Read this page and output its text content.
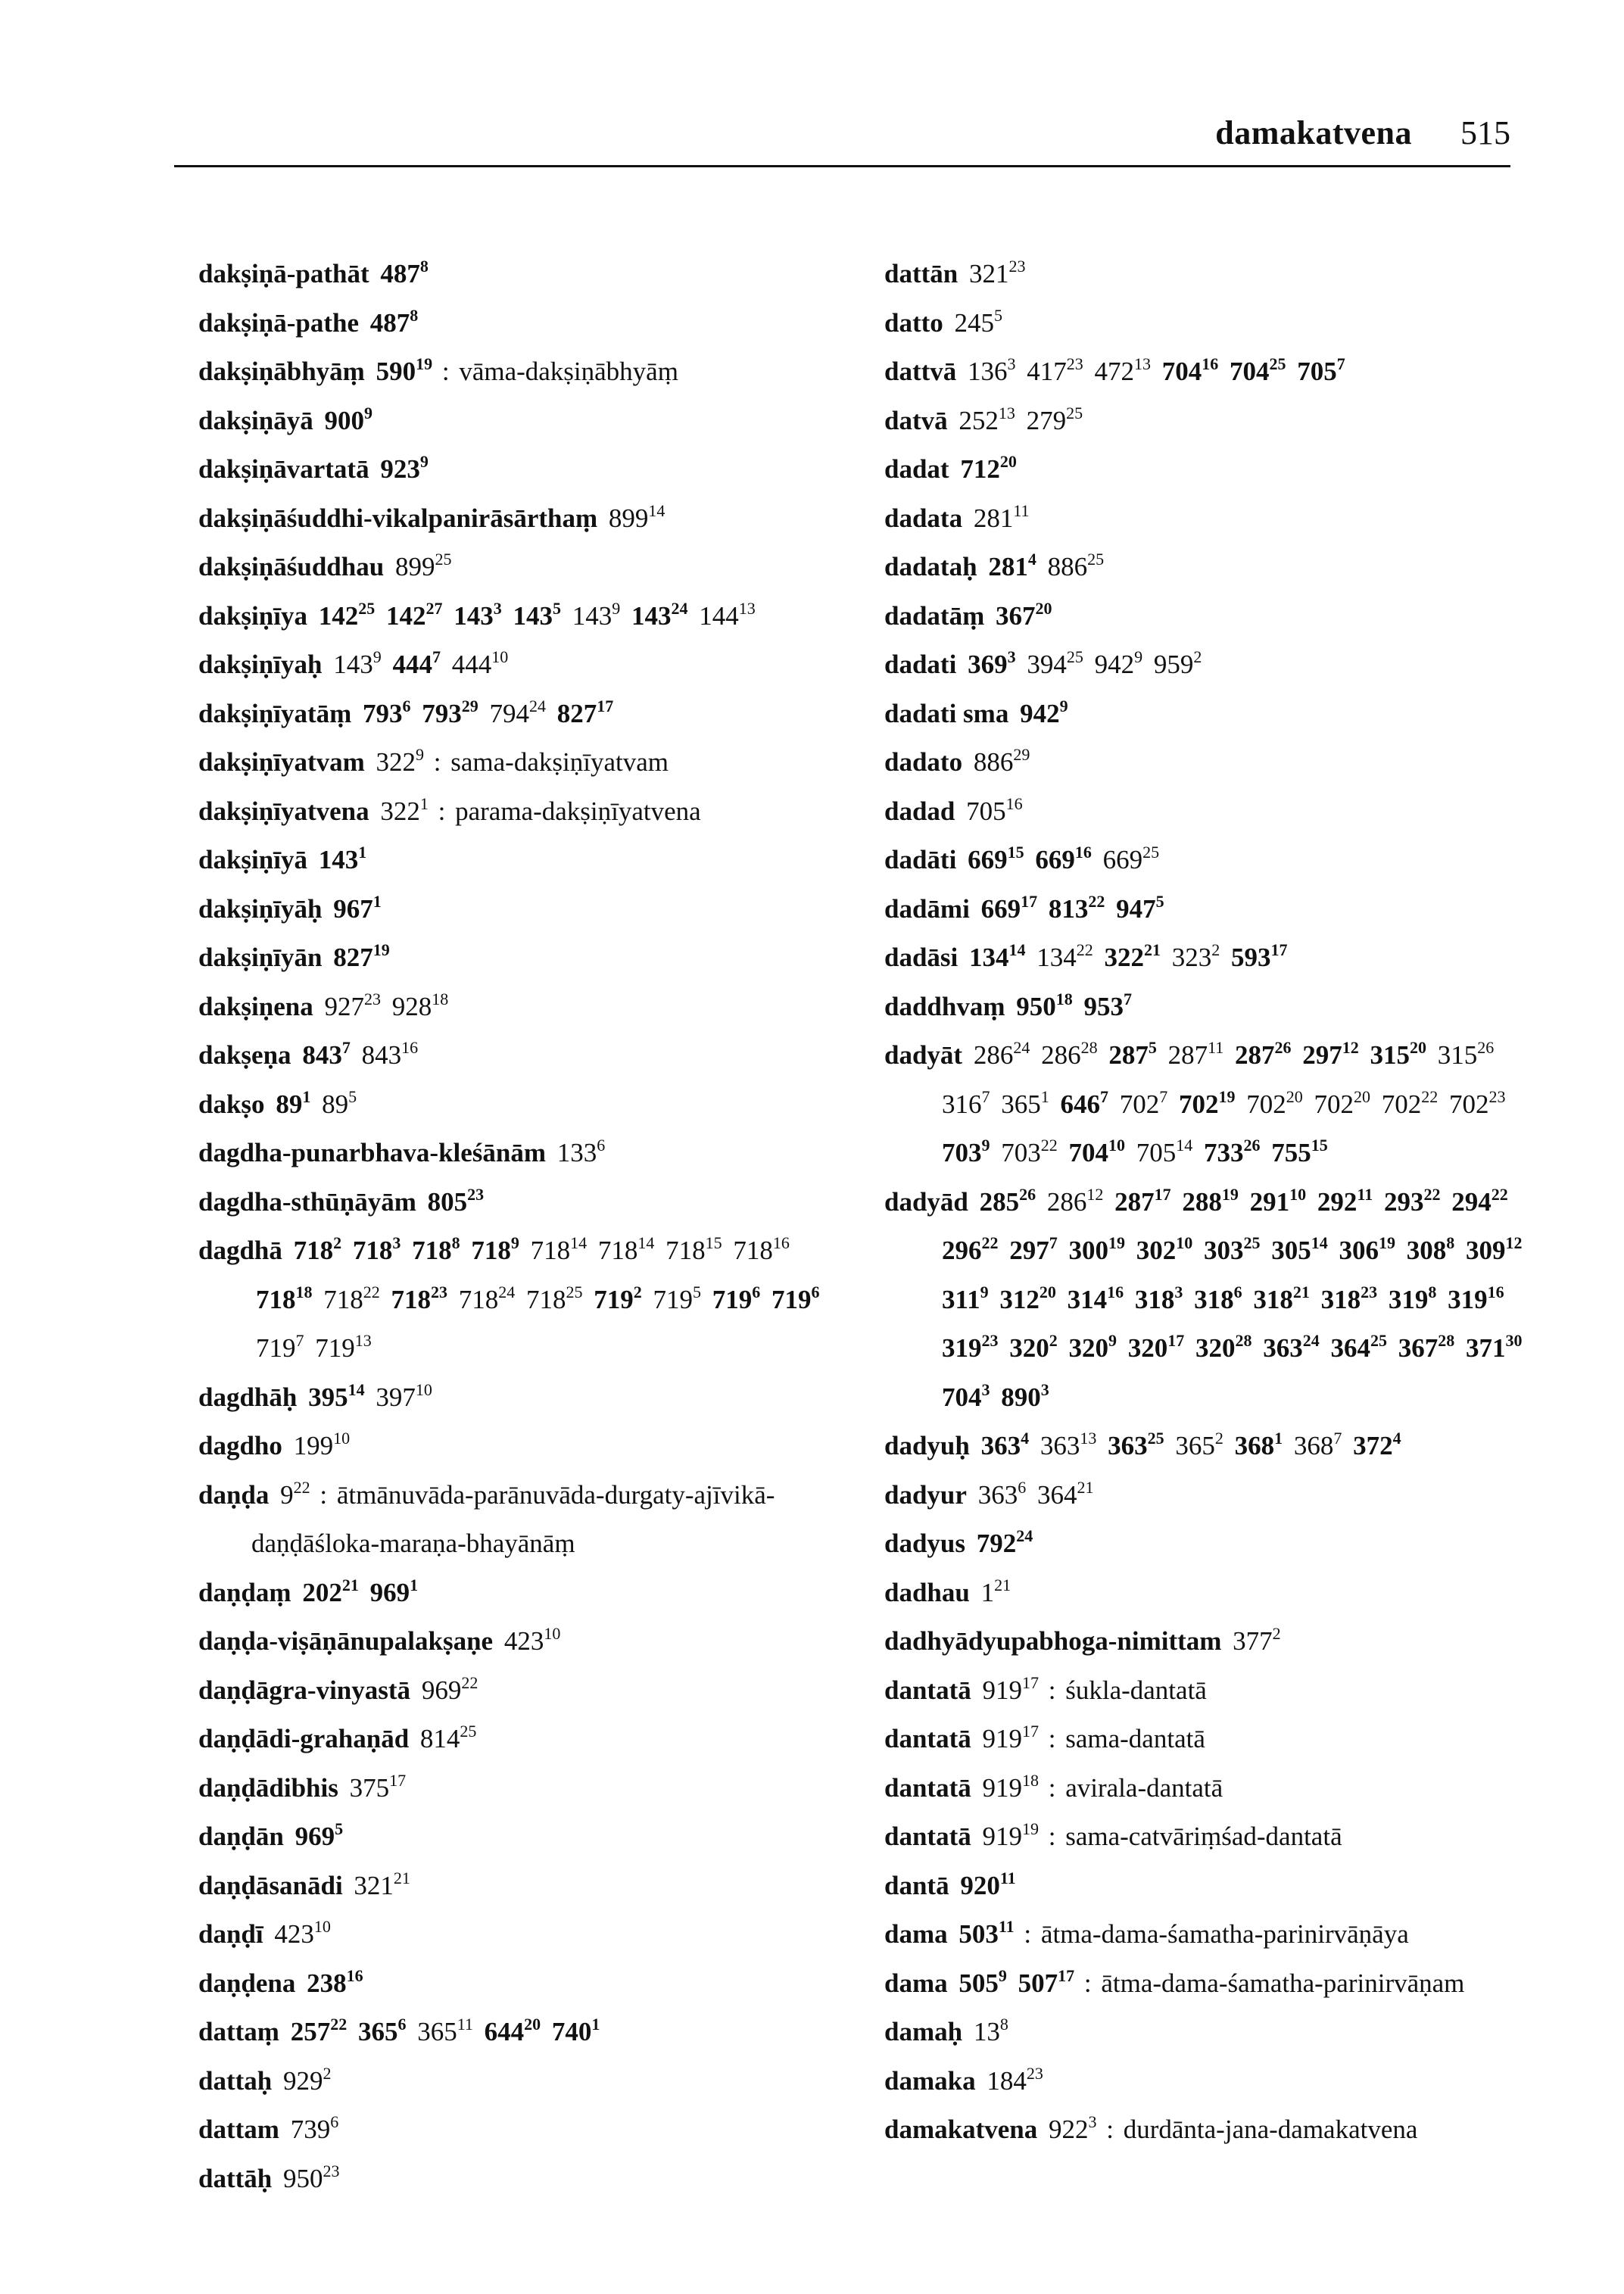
damakatvena 515

dakṣiṇā-pathāt $487^8$

dakṣiṇā-pathe $487^8$

dakṣiṇābhyāṃ $590^{19}$ : vāma-dakṣiṇābhyāṃ

dakṣiṇāyā $900^9$

dakṣiṇāvartatā $923^9$

dakṣiṇāśuddhi-vikalpanirāsārthaṃ $899^{14}$

dakṣiṇāśuddhau $899^{25}$

dakṣiṇīya $142^{25}$ $142^{27}$ $143^3$ $143^5$ $143^9$ $143^{24}$ $144^{13}$

dakṣiṇīyaḥ $143^9$ $444^7$ $444^{10}$

dakṣiṇīyatāṃ $793^6$ $793^{29}$ $794^{24}$ $827^{17}$

dakṣiṇīyatvam $322^9$ : sama-dakṣiṇīyatvam

dakṣiṇīyatvena $322^1$ : parama-dakṣiṇīyatvena

dakṣiṇīyā $143^1$

dakṣiṇīyāḥ $967^1$

dakṣiṇīyān $827^{19}$

dakṣiṇena $927^{23}$ $928^{18}$

dakṣeṇa $843^7$ $843^{16}$

dakṣo $89^1$ $89^5$

dagdha-punarbhava-kleśānām $133^6$

dagdha-sthūṇāyām $805^{23}$

dagdhā $718^2$ $718^3$ $718^8$ $718^9$ $718^{14}$ $718^{14}$ $718^{15}$ $718^{16}$ $718^{18}$ $718^{22}$ $718^{23}$ $718^{24}$ $718^{25}$ $719^2$ $719^5$ $719^6$ $719^6$ $719^7$ $719^{13}$

dagdhāḥ $395^{14}$ $397^{10}$

dagdho $199^{10}$

daṇḍa $9^{22}$ : ātmānuvāda-parānuvāda-durgaty-ajīvikā-daṇḍāśloka-maraṇa-bhayānāṃ

daṇḍaṃ $202^{21}$ $969^1$

daṇḍa-viṣāṇānupalakṣaṇe $423^{10}$

daṇḍāgra-vinyastā $969^{22}$

daṇḍādi-grahaṇād $814^{25}$

daṇḍādibhis $375^{17}$

daṇḍān $969^5$

daṇḍāsanādi $321^{21}$

daṇḍī $423^{10}$

daṇḍena $238^{16}$

dattaṃ $257^{22}$ $365^6$ $365^{11}$ $644^{20}$ $740^1$

dattaḥ $929^2$

dattam $739^6$

dattāḥ $950^{23}$

dattān $321^{23}$

datto $245^5$

dattvā $136^3$ $417^{23}$ $472^{13}$ $704^{16}$ $704^{25}$ $705^7$

datvā $252^{13}$ $279^{25}$

dadat $712^{20}$

dadata $281^{11}$

dadataḥ $281^4$ $886^{25}$

dadatāṃ $367^{20}$

dadati $369^3$ $394^{25}$ $942^9$ $959^2$

dadati sma $942^9$

dadato $886^{29}$

dadad $705^{16}$

dadāti $669^{15}$ $669^{16}$ $669^{25}$

dadāmi $669^{17}$ $813^{22}$ $947^5$

dadāsi $134^{14}$ $134^{22}$ $322^{21}$ $323^2$ $593^{17}$

daddhvaṃ $950^{18}$ $953^7$

dadyāt $286^{24}$ $286^{28}$ $287^5$ $287^{11}$ $287^{26}$ $297^{12}$ $315^{20}$ $315^{26}$ $316^7$ $365^1$ $646^7$ $702^7$ $702^{19}$ $702^{20}$ $702^{20}$ $702^{22}$ $702^{23}$ $703^9$ $703^{22}$ $704^{10}$ $705^{14}$ $733^{26}$ $755^{15}$

dadyād $285^{26}$ $286^{12}$ $287^{17}$ $288^{19}$ $291^{10}$ $292^{11}$ $293^{22}$ $294^{22}$ $296^{22}$ $297^7$ $300^{19}$ $302^{10}$ $303^{25}$ $305^{14}$ $306^{19}$ $308^8$ $309^{12}$ $311^9$ $312^{20}$ $314^{16}$ $318^3$ $318^6$ $318^{21}$ $318^{23}$ $319^8$ $319^{16}$ $319^{23}$ $320^2$ $320^9$ $320^{17}$ $320^{28}$ $363^{24}$ $364^{25}$ $367^{28}$ $371^{30}$ $704^3$ $890^3$

dadyuḥ $363^4$ $363^{13}$ $363^{25}$ $365^2$ $368^1$ $368^7$ $372^4$

dadyur $363^6$ $364^{21}$

dadyus $792^{24}$

dadhau $1^{21}$

dadhyādyupabhoga-nimittam $377^2$

dantatā $919^{17}$ : śukla-dantatā

dantatā $919^{17}$ : sama-dantatā

dantatā $919^{18}$ : avirala-dantatā

dantatā $919^{19}$ : sama-catvāriṃśad-dantatā

dantā $920^{11}$

dama $503^{11}$ : ātma-dama-śamatha-parinirvāṇāya

dama $505^9$ $507^{17}$ : ātma-dama-śamatha-parinirvāṇam

damaḥ $13^8$

damaka $184^{23}$

damakatvena $922^3$ : durdānta-jana-damakatvena
